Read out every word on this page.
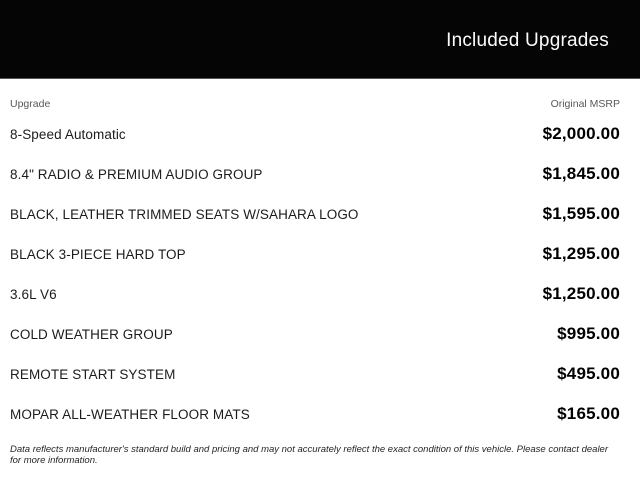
Included Upgrades
Upgrade	Original MSRP
8-Speed Automatic	$2,000.00
8.4" RADIO & PREMIUM AUDIO GROUP	$1,845.00
BLACK, LEATHER TRIMMED SEATS W/SAHARA LOGO	$1,595.00
BLACK 3-PIECE HARD TOP	$1,295.00
3.6L V6	$1,250.00
COLD WEATHER GROUP	$995.00
REMOTE START SYSTEM	$495.00
MOPAR ALL-WEATHER FLOOR MATS	$165.00

Data reflects manufacturer's standard build and pricing and may not accurately reflect the exact condition of this vehicle. Please contact dealer for more information.
